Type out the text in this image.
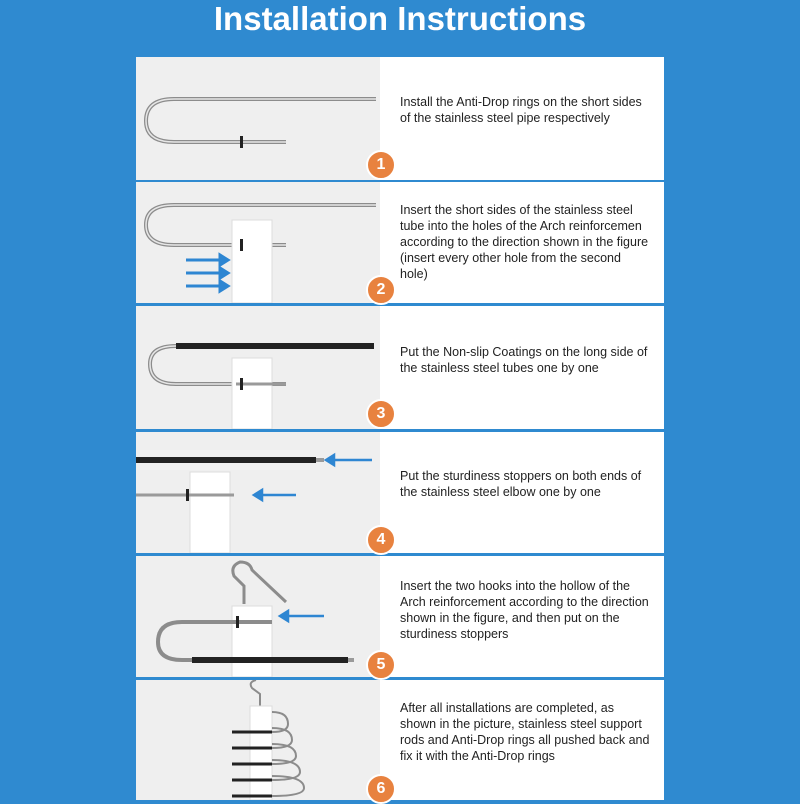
Installation Instructions

Install the Anti-Drop rings on the short sides of the stainless steel pipe respectively

1

Insert the short sides of the stainless steel tube into the holes of the Arch reinforcemen according to the direction shown in the figure (insert every other hole from the second hole)

2

Put the Non-slip Coatings on the long side of the stainless steel tubes one by one

3

Put the sturdiness stoppers on both ends of the stainless steel elbow one by one

4

Insert the two hooks into the hollow of the Arch reinforcement according to the direction shown in the figure, and then put on the sturdiness stoppers

5

After all installations are completed, as shown in the picture, stainless steel support rods and Anti-Drop rings all pushed back and fix it with the Anti-Drop rings

6
